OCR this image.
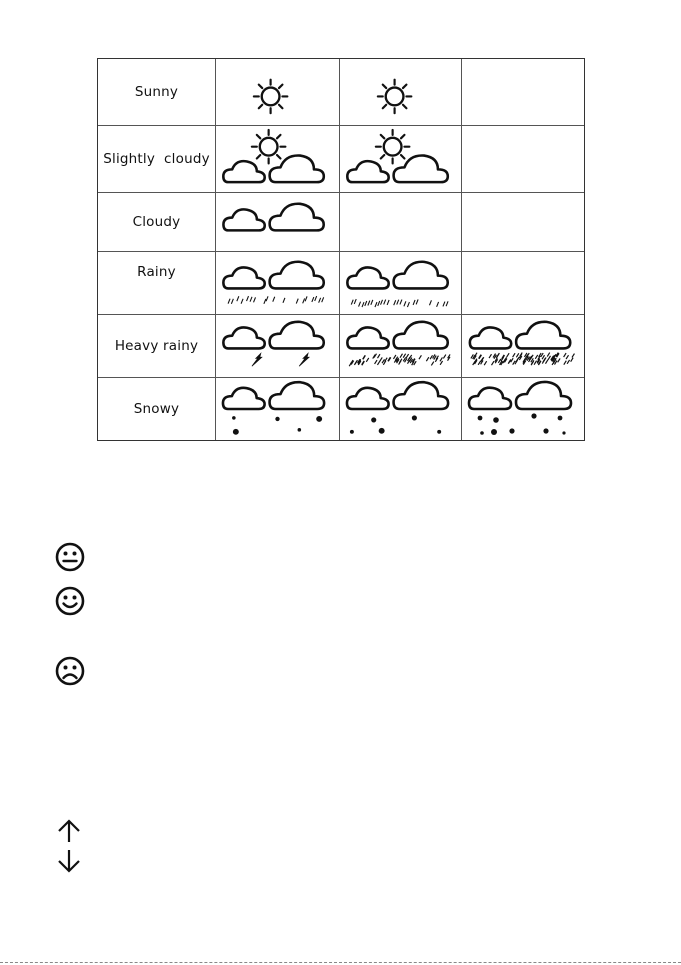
Sunny
Slightly  cloudy
Cloudy
Rainy
Heavy rainy
Snowy
